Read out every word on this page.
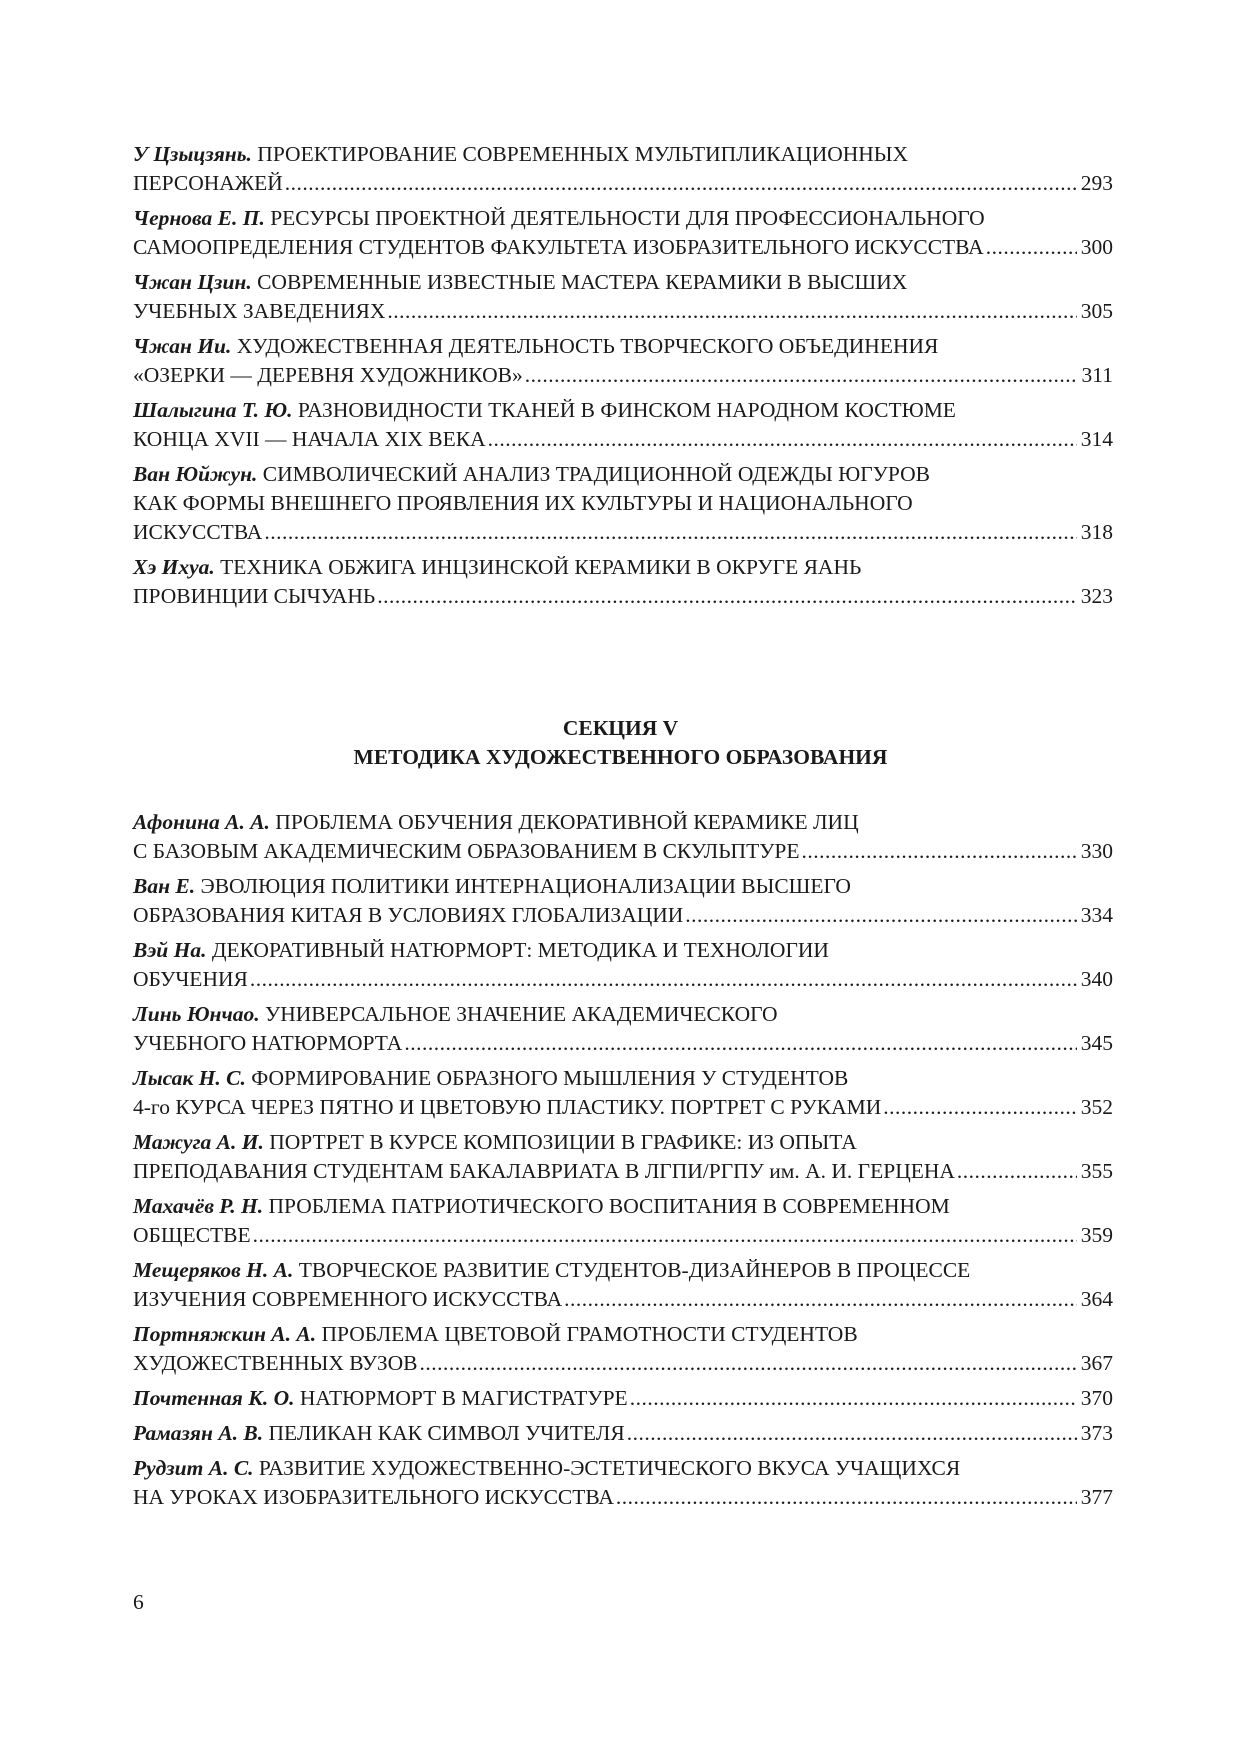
У Цзыцзянь. ПРОЕКТИРОВАНИЕ СОВРЕМЕННЫХ МУЛЬТИПЛИКАЦИОННЫХ
ПЕРСОНАЖЕЙ .....	293
Чернова Е. П. РЕСУРСЫ ПРОЕКТНОЙ ДЕЯТЕЛЬНОСТИ ДЛЯ ПРОФЕССИОНАЛЬНОГО
САМООПРЕДЕЛЕНИЯ СТУДЕНТОВ ФАКУЛЬТЕТА ИЗОБРАЗИТЕЛЬНОГО ИСКУССТВА .....	300
Чжан Цзин. СОВРЕМЕННЫЕ ИЗВЕСТНЫЕ МАСТЕРА КЕРАМИКИ В ВЫСШИХ
УЧЕБНЫХ ЗАВЕДЕНИЯХ .....	305
Чжан Ии. ХУДОЖЕСТВЕННАЯ ДЕЯТЕЛЬНОСТЬ ТВОРЧЕСКОГО ОБЪЕДИНЕНИЯ
«ОЗЕРКИ — ДЕРЕВНЯ ХУДОЖНИКОВ» .....	311
Шалыгина Т. Ю. РАЗНОВИДНОСТИ ТКАНЕЙ В ФИНСКОМ НАРОДНОМ КОСТЮМЕ
КОНЦА XVII — НАЧАЛА XIX ВЕКА .....	314
Ван Юйжун. СИМВОЛИЧЕСКИЙ АНАЛИЗ ТРАДИЦИОННОЙ ОДЕЖДЫ ЮГУРОВ
КАК ФОРМЫ ВНЕШНЕГО ПРОЯВЛЕНИЯ ИХ КУЛЬТУРЫ И НАЦИОНАЛЬНОГО
ИСКУССТВА .....	318
Хэ Ихуа. ТЕХНИКА ОБЖИГА ИНЦЗИНСКОЙ КЕРАМИКИ В ОКРУГЕ ЯАНЬ
ПРОВИНЦИИ СЫЧУАНЬ .....	323
СЕКЦИЯ V
МЕТОДИКА ХУДОЖЕСТВЕННОГО ОБРАЗОВАНИЯ
Афонина А. А. ПРОБЛЕМА ОБУЧЕНИЯ ДЕКОРАТИВНОЙ КЕРАМИКЕ ЛИЦ
С БАЗОВЫМ АКАДЕМИЧЕСКИМ ОБРАЗОВАНИЕМ В СКУЛЬПТУРЕ .....	330
Ван Е. ЭВОЛЮЦИЯ ПОЛИТИКИ ИНТЕРНАЦИОНАЛИЗАЦИИ ВЫСШЕГО
ОБРАЗОВАНИЯ КИТАЯ В УСЛОВИЯХ ГЛОБАЛИЗАЦИИ .....	334
Вэй На. ДЕКОРАТИВНЫЙ НАТЮРМОРТ: МЕТОДИКА И ТЕХНОЛОГИИ
ОБУЧЕНИЯ .....	340
Линь Юнчао. УНИВЕРСАЛЬНОЕ ЗНАЧЕНИЕ АКАДЕМИЧЕСКОГО
УЧЕБНОГО НАТЮРМОРТА .....	345
Лысак Н. С. ФОРМИРОВАНИЕ ОБРАЗНОГО МЫШЛЕНИЯ У СТУДЕНТОВ
4-го КУРСА ЧЕРЕЗ ПЯТНО И ЦВЕТОВУЮ ПЛАСТИКУ. ПОРТРЕТ С РУКАМИ .....	352
Мажуга А. И. ПОРТРЕТ В КУРСЕ КОМПОЗИЦИИ В ГРАФИКЕ: ИЗ ОПЫТА
ПРЕПОДАВАНИЯ СТУДЕНТАМ БАКАЛАВРИАТА В ЛГПИ/РГПУ им. А. И. ГЕРЦЕНА .....	355
Махачёв Р. Н. ПРОБЛЕМА ПАТРИОТИЧЕСКОГО ВОСПИТАНИЯ В СОВРЕМЕННОМ
ОБЩЕСТВЕ .....	359
Мещеряков Н. А. ТВОРЧЕСКОЕ РАЗВИТИЕ СТУДЕНТОВ-ДИЗАЙНЕРОВ В ПРОЦЕССЕ
ИЗУЧЕНИЯ СОВРЕМЕННОГО ИСКУССТВА .....	364
Портняжкин А. А. ПРОБЛЕМА ЦВЕТОВОЙ ГРАМОТНОСТИ СТУДЕНТОВ
ХУДОЖЕСТВЕННЫХ ВУЗОВ .....	367
Почтенная К. О. НАТЮРМОРТ В МАГИСТРАТУРЕ .....	370
Рамазян А. В. ПЕЛИКАН КАК СИМВОЛ УЧИТЕЛЯ .....	373
Рудзит А. С. РАЗВИТИЕ ХУДОЖЕСТВЕННО-ЭСТЕТИЧЕСКОГО ВКУСА УЧАЩИХСЯ
НА УРОКАХ ИЗОБРАЗИТЕЛЬНОГО ИСКУССТВА .....	377
6
